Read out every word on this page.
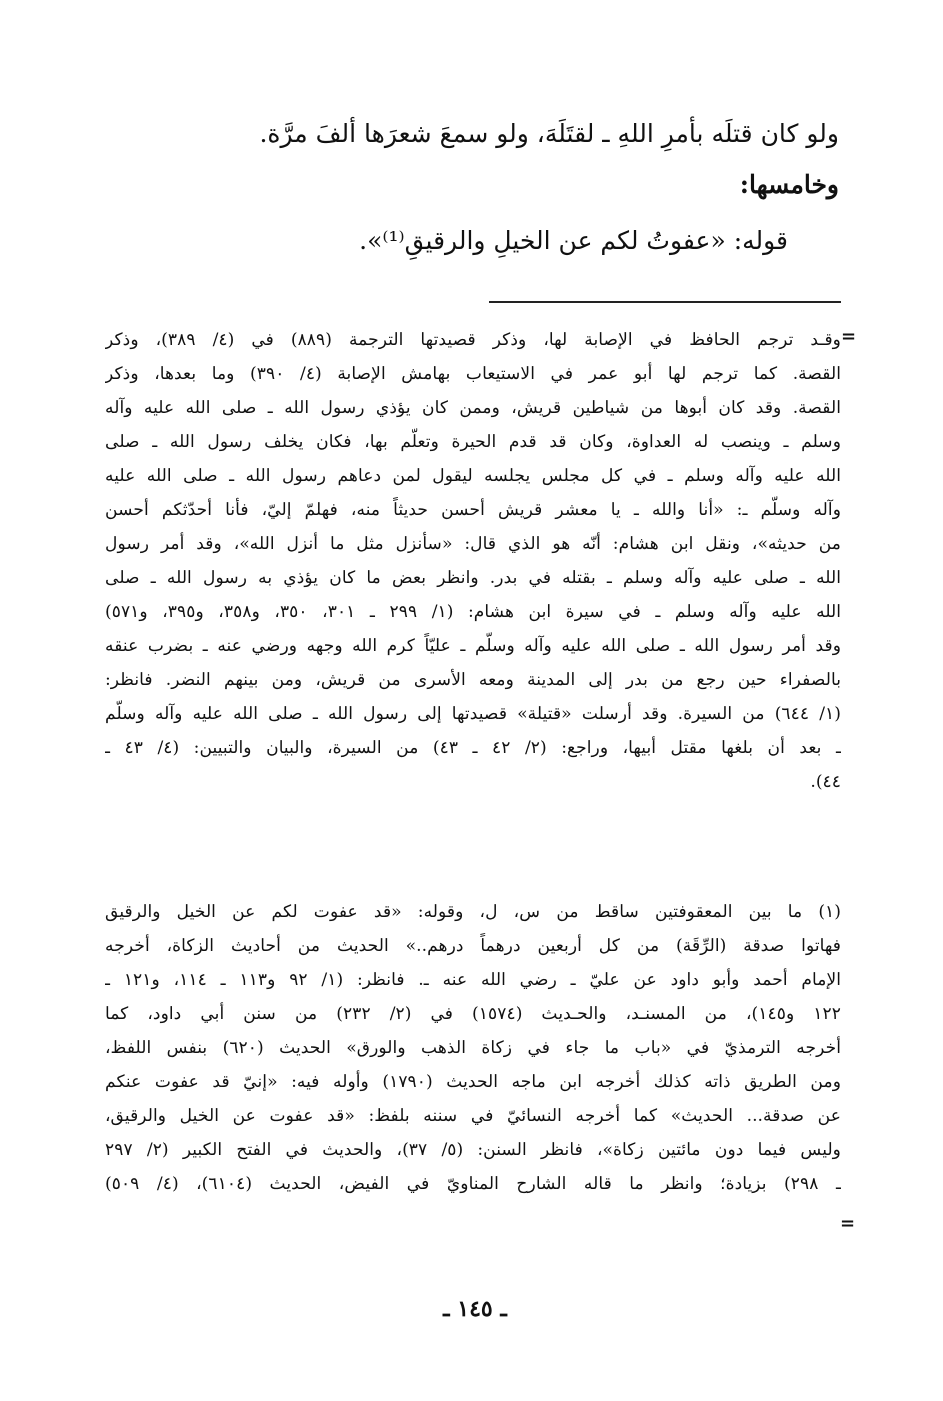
ولو كان قتلَه بأمرِ اللهِ ـ لقتَلَهَ، ولو سمعَ شعرَها ألفَ مرَّة.
وخامسها:
قوله: «عفوتُ لكم عن الخيلِ والرقيقِ⁽¹⁾».
=
وقـد ترجم الحافظ في الإصابة لها، وذكر قصيدتها الترجمة (٨٨٩) في (٤/ ٣٨٩)، وذكر
القصة. كما ترجم لها أبو عمر في الاستيعاب بهامش الإصابة (٤/ ٣٩٠) وما بعدها، وذكر
القصة. وقد كان أبوها من شياطين قريش، وممن كان يؤذي رسول الله ـ صلى الله عليه وآله
وسلم ـ وينصب له العداوة، وكان قد قدم الحيرة وتعلّم بها، فكان يخلف رسول الله ـ صلى
الله عليه وآله وسلم ـ في كل مجلس يجلسه ليقول لمن دعاهم رسول الله ـ صلى الله عليه
وآله وسلّم ـ: «أنا والله ـ يا معشر قريش أحسن حديثاً منه، فهلمّ إليّ، فأنا أحدّثكم أحسن
من حديثه»، ونقل ابن هشام: أنّه هو الذي قال: «سأنزل مثل ما أنزل الله»، وقد أمر رسول
الله ـ صلى عليه وآله وسلم ـ بقتله في بدر. وانظر بعض ما كان يؤذي به رسول الله ـ صلى
الله عليه وآله وسلم ـ في سيرة ابن هشام: (١/ ٢٩٩ ـ ٣٠١، ٣٥٠، و٣٥٨، و٣٩٥، و٥٧١)
وقد أمر رسول الله ـ صلى الله عليه وآله وسلّم ـ عليّاً كرم الله وجهه ورضي عنه ـ بضرب عنقه
بالصفراء حين رجع من بدر إلى المدينة ومعه الأسرى من قريش، ومن بينهم النضر. فانظر:
(١/ ٦٤٤) من السيرة. وقد أرسلت «قتيلة» قصيدتها إلى رسول الله ـ صلى الله عليه وآله وسلّم
ـ بعد أن بلغها مقتل أبيها، وراجع: (٢/ ٤٢ ـ ٤٣) من السيرة، والبيان والتبيين: (٤/ ٤٣ ـ
٤٤).
(١) ما بين المعقوفتين ساقط من س، ل، وقوله: «قد عفوت لكم عن الخيل والرقيق
فهاتوا صدقة (الرِّقَة) من كل أربعين درهماً درهم..» الحديث من أحاديث الزكاة، أخرجه
الإمام أحمد وأبو داود عن عليّ ـ رضي الله عنه ـ. فانظر: (١/ ٩٢ و١١٣ ـ ١١٤، و١٢١ ـ
١٢٢ و١٤٥)، من المسنـد، والحـديث (١٥٧٤) في (٢/ ٢٣٢) من سنن أبي داود، كما
أخرجه الترمذيّ في «باب ما جاء في زكاة الذهب والورق» الحديث (٦٢٠) بنفس اللفظ،
ومن الطريق ذاته كذلك أخرجه ابن ماجه الحديث (١٧٩٠) وأوله فيه: «إنيّ قد عفوت عنكم
عن صدقة... الحديث» كما أخرجه النسائيّ في سننه بلفظ: «قد عفوت عن الخيل والرقيق،
وليس فيما دون مائتين زكاة»، فانظر السنن: (٥/ ٣٧)، والحديث في الفتح الكبير (٢/ ٢٩٧
ـ ٢٩٨) بزيادة؛ وانظر ما قاله الشارح المناويّ في الفيض، الحديث (٦١٠٤)، (٤/ ٥٠٩)
=
ـ ١٤٥ ـ
